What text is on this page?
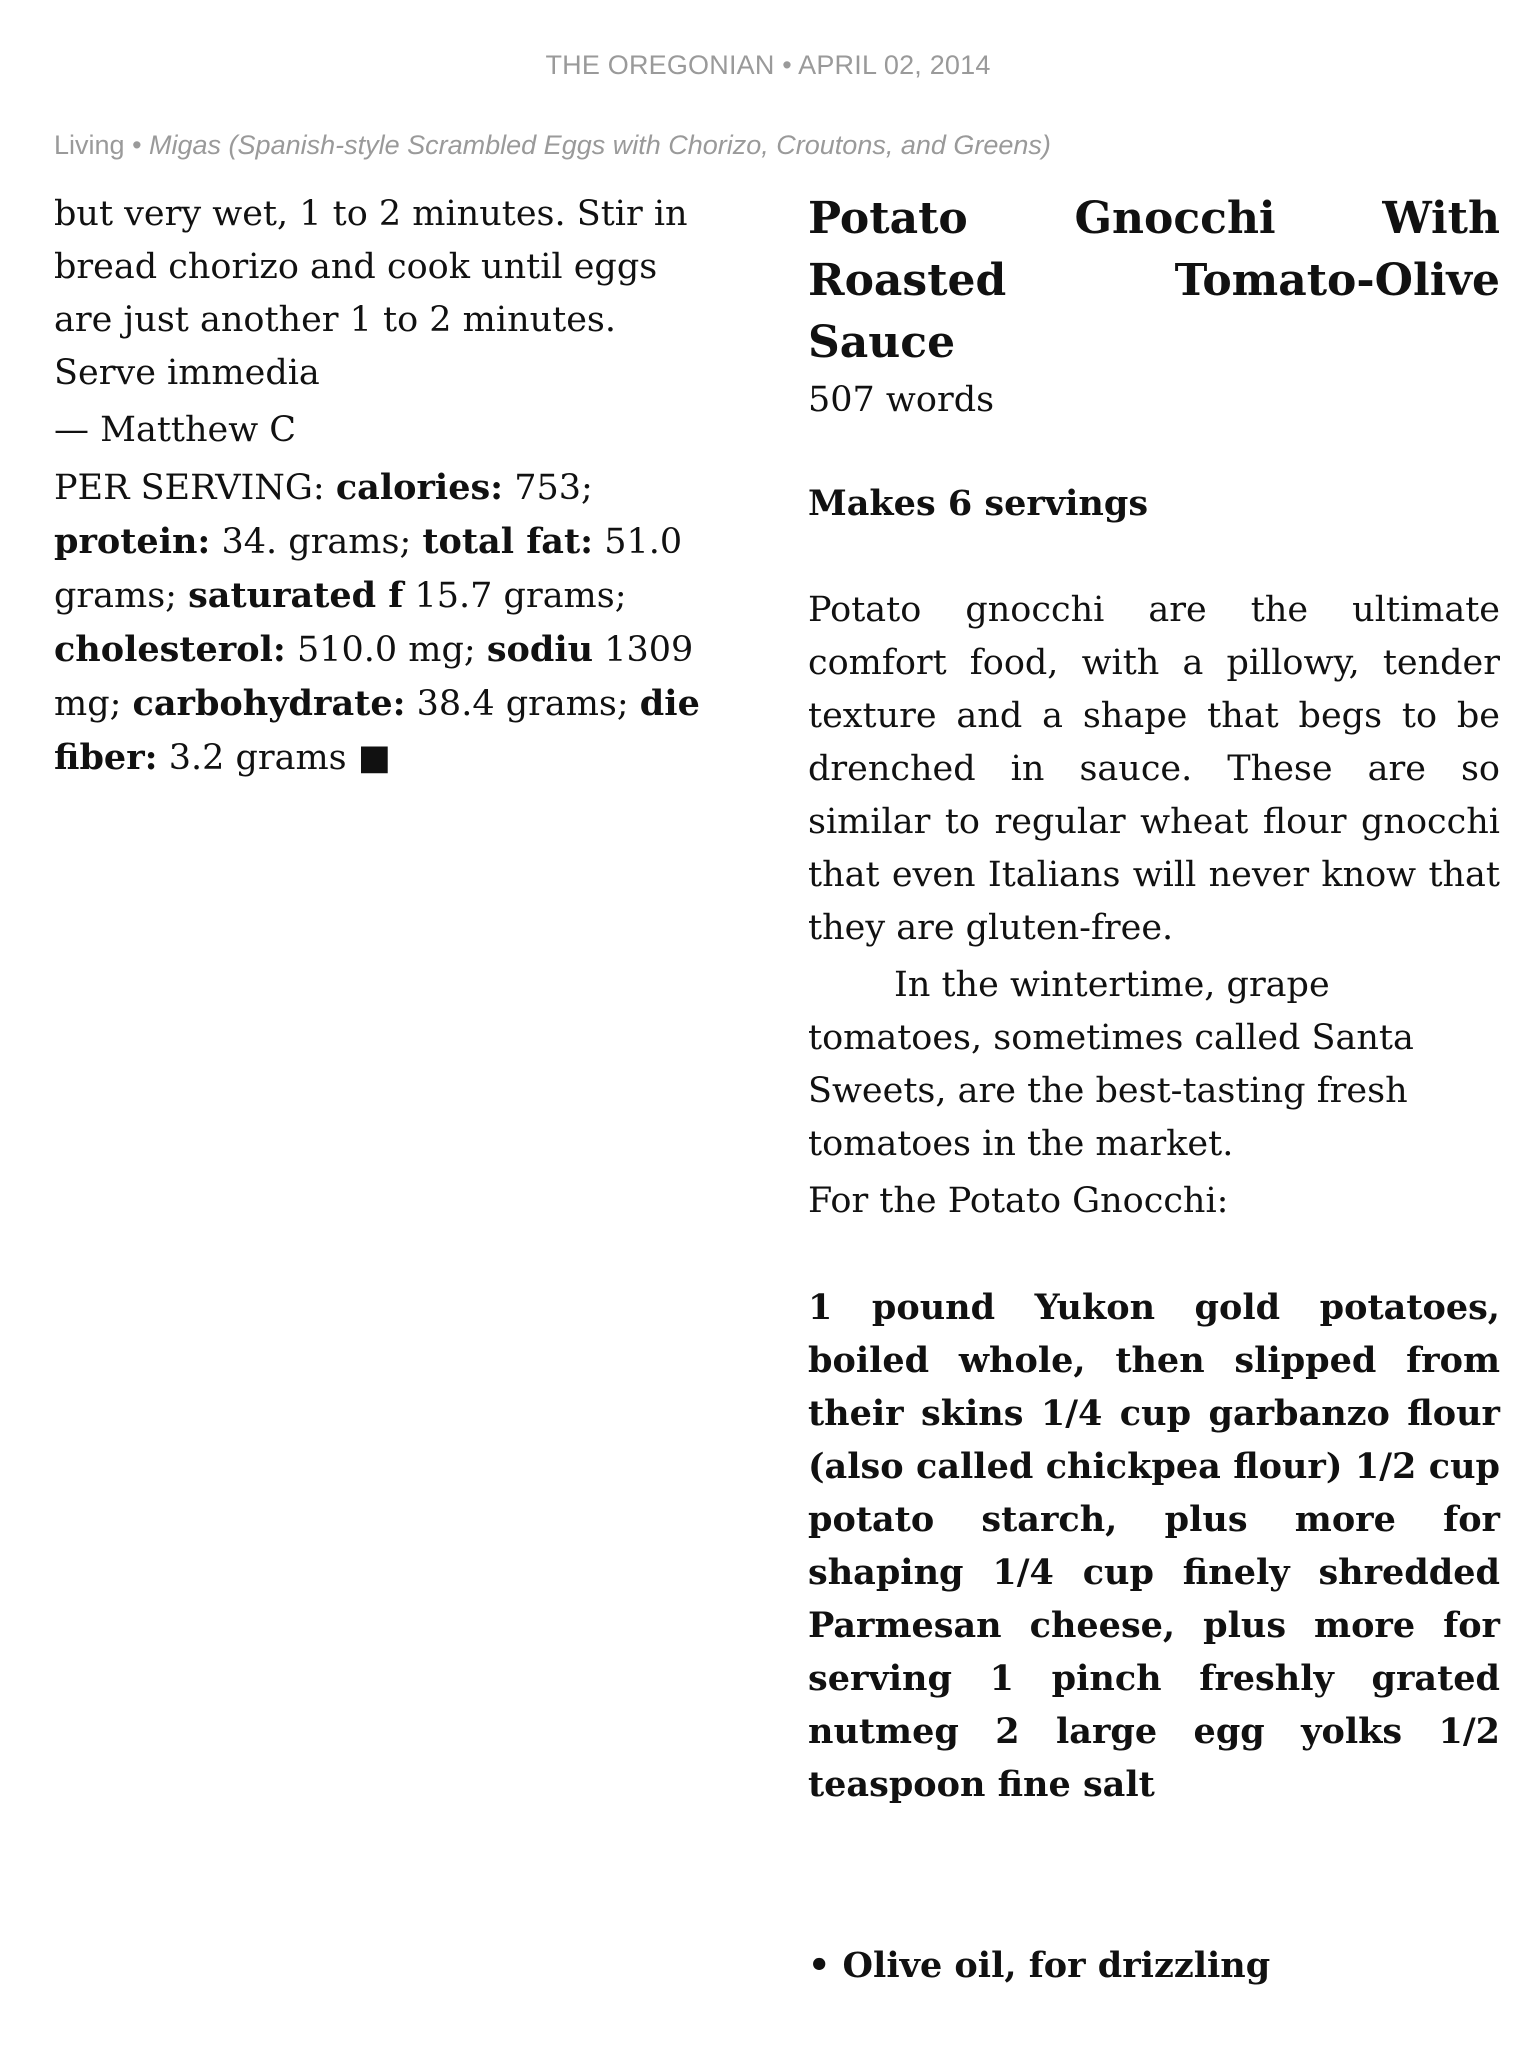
THE OREGONIAN • APRIL 02, 2014
Living • Migas (Spanish-style Scrambled Eggs with Chorizo, Croutons, and Greens)

but very wet, 1 to 2 minutes. Stir in bread chorizo and cook until eggs are just another 1 to 2 minutes. Serve immedia

— Matthew C

PER SERVING: calories: 753; protein: 34. grams; total fat: 51.0 grams; saturated f 15.7 grams; cholesterol: 510.0 mg; sodiu 1309 mg; carbohydrate: 38.4 grams; die fiber: 3.2 grams ■

Potato Gnocchi With Roasted Tomato-Olive Sauce

507 words

Makes 6 servings

Potato gnocchi are the ultimate comfort food, with a pillowy, tender texture and a shape that begs to be drenched in sauce. These are so similar to regular wheat flour gnocchi that even Italians will never know that they are gluten-free.

In the wintertime, grape tomatoes, sometimes called Santa Sweets, are the best-tasting fresh tomatoes in the market.

For the Potato Gnocchi:

1 pound Yukon gold potatoes, boiled whole, then slipped from their skins 1/4 cup garbanzo flour (also called chickpea flour) 1/2 cup potato starch, plus more for shaping 1/4 cup finely shredded Parmesan cheese, plus more for serving 1 pinch freshly grated nutmeg 2 large egg yolks 1/2 teaspoon fine salt

• Olive oil, for drizzling
